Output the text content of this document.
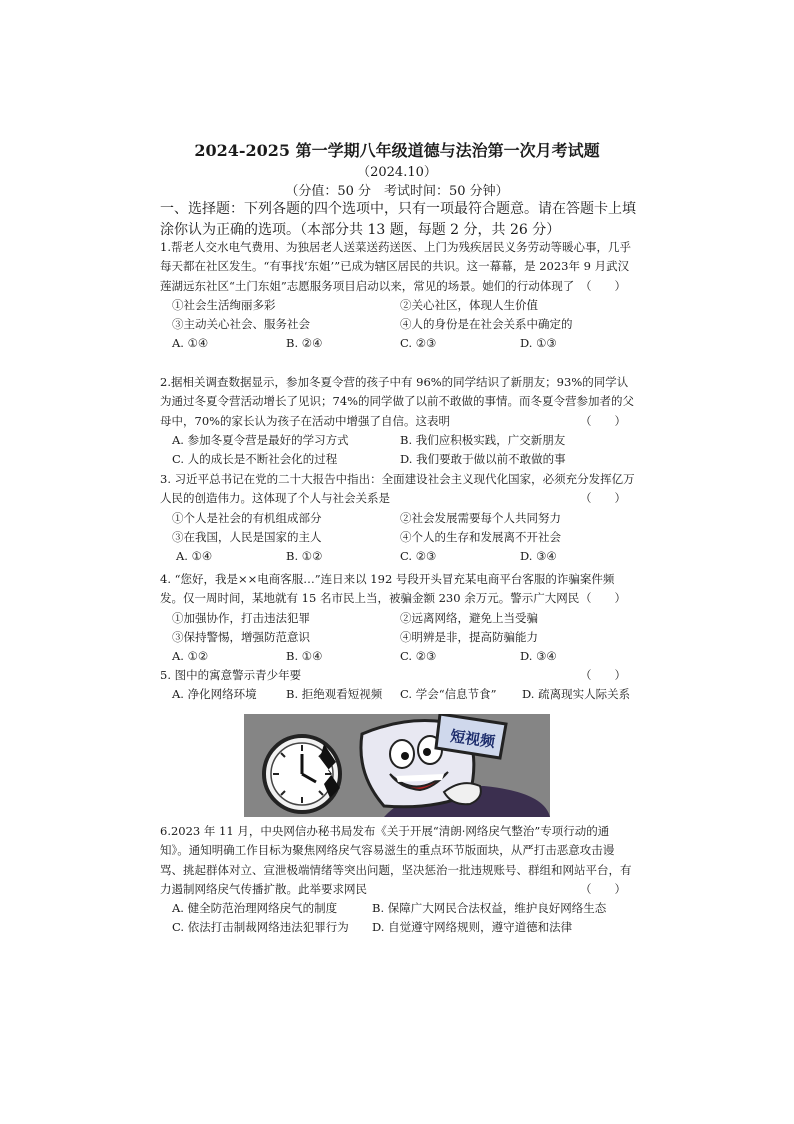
2024-2025 第一学期八年级道德与法治第一次月考试题
（2024.10）
（分值：50 分　考试时间：50 分钟）
一、选择题：下列各题的四个选项中，只有一项最符合题意。请在答题卡上填涂你认为正确的选项。（本部分共 13 题，每题 2 分，共 26 分）

1.帮老人交水电气费用、为独居老人送菜送药送医、上门为残疾居民义务劳动等暖心事，几乎每天都在社区发生。“有事找‘东姐’”已成为辖区居民的共识。这一幕幕，是 2023年 9 月武汉莲湖远东社区“土门东姐”志愿服务项目启动以来，常见的场景。她们的行动体现了 （　　）

①社会生活绚丽多彩	②关心社区，体现人生价值
③主动关心社会、服务社会	④人的身份是在社会关系中确定的
A. ①④	B. ②④	C. ②③	D. ①③

2.据相关调查数据显示，参加冬夏令营的孩子中有 96%的同学结识了新朋友；93%的同学认为通过冬夏令营活动增长了见识；74%的同学做了以前不敢做的事情。而冬夏令营参加者的父母中，70%的家长认为孩子在活动中增强了自信。这表明	（　　）

A. 参加冬夏令营是最好的学习方式	B. 我们应积极实践，广交新朋友
C. 人的成长是不断社会化的过程	D. 我们要敢于做以前不敢做的事

3. 习近平总书记在党的二十大报告中指出：全面建设社会主义现代化国家，必须充分发挥亿万人民的创造伟力。这体现了个人与社会关系是	（　　）

①个人是社会的有机组成部分	②社会发展需要每个人共同努力
③在我国，人民是国家的主人	④个人的生存和发展离不开社会
A. ①④	B. ①②	C. ②③	D. ③④

4. “您好，我是××电商客服…”连日来以 192 号段开头冒充某电商平台客服的诈骗案件频发。仅一周时间，某地就有 15 名市民上当，被骗金额 230 余万元。警示广大网民 （　　）

①加强协作，打击违法犯罪	②远离网络，避免上当受骗
③保持警惕，增强防范意识	④明辨是非，提高防骗能力
A. ①②	B. ①④	C. ②③	D. ③④

5. 图中的寓意警示青少年要	（　　）

A. 净化网络环境	B. 拒绝观看短视频 C. 学会“信息节食” D. 疏离现实人际关系
短视频

6.2023 年 11 月，中央网信办秘书局发布《关于开展“清朗·网络戾气整治”专项行动的通知》。通知明确工作目标为聚焦网络戾气容易滋生的重点环节版面块，从严打击恶意攻击谩骂、挑起群体对立、宣泄极端情绪等突出问题，坚决惩治一批违规账号、群组和网站平台，有力遏制网络戾气传播扩散。此举要求网民	（　　）

A. 健全防范治理网络戾气的制度	B. 保障广大网民合法权益，维护良好网络生态
C. 依法打击制裁网络违法犯罪行为 D. 自觉遵守网络规则，遵守道德和法律
